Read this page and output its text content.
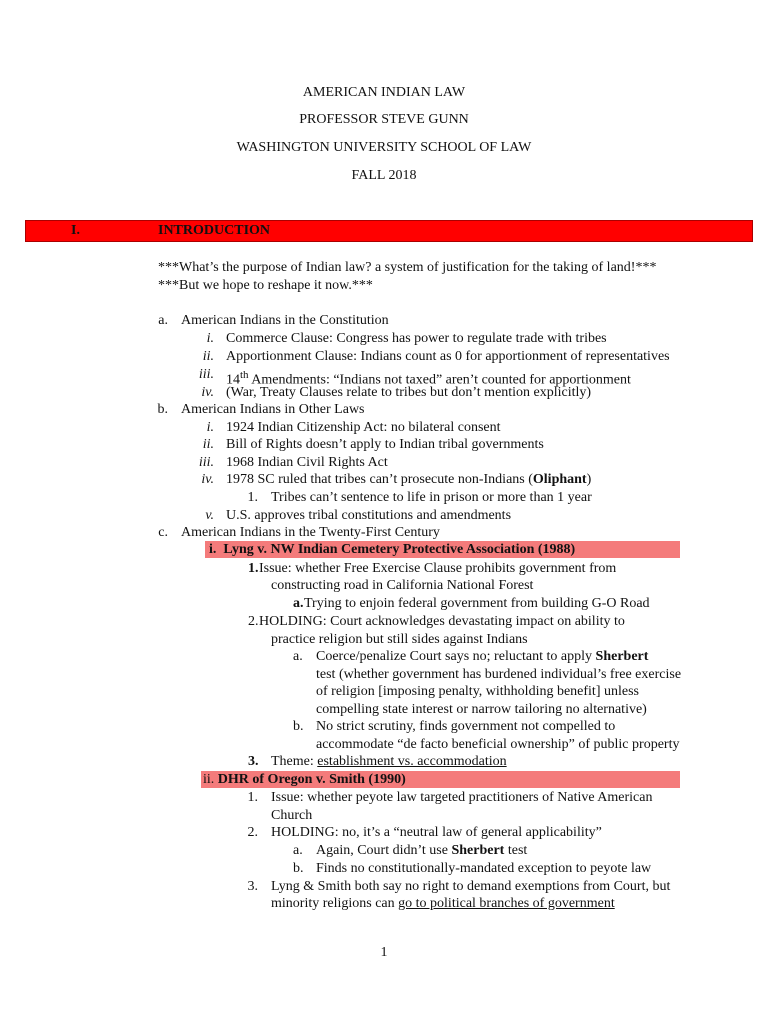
AMERICAN INDIAN LAW
PROFESSOR STEVE GUNN
WASHINGTON UNIVERSITY SCHOOL OF LAW
FALL 2018
I.	INTRODUCTION
***What’s the purpose of Indian law? a system of justification for the taking of land!***
***But we hope to reshape it now.***
a. American Indians in the Constitution
i. Commerce Clause: Congress has power to regulate trade with tribes
ii. Apportionment Clause: Indians count as 0 for apportionment of representatives
iii. 14th Amendments: “Indians not taxed” aren’t counted for apportionment
iv. (War, Treaty Clauses relate to tribes but don’t mention explicitly)
b. American Indians in Other Laws
i. 1924 Indian Citizenship Act: no bilateral consent
ii. Bill of Rights doesn’t apply to Indian tribal governments
iii. 1968 Indian Civil Rights Act
iv. 1978 SC ruled that tribes can’t prosecute non-Indians (Oliphant)
1. Tribes can’t sentence to life in prison or more than 1 year
v. U.S. approves tribal constitutions and amendments
c. American Indians in the Twenty-First Century
i. Lyng v. NW Indian Cemetery Protective Association (1988)
1. Issue: whether Free Exercise Clause prohibits government from
constructing road in California National Forest
a. Trying to enjoin federal government from building G-O Road
2. HOLDING: Court acknowledges devastating impact on ability to
practice religion but still sides against Indians
a. Coerce/penalize Court says no; reluctant to apply Sherbert
test (whether government has burdened individual’s free exercise
of religion [imposing penalty, withholding benefit] unless
compelling state interest or narrow tailoring no alternative)
b. No strict scrutiny, finds government not compelled to
accommodate “de facto beneficial ownership” of public property
3. Theme: establishment vs. accommodation
ii. DHR of Oregon v. Smith (1990)
1. Issue: whether peyote law targeted practitioners of Native American
Church
2. HOLDING: no, it’s a “neutral law of general applicability”
a. Again, Court didn’t use Sherbert test
b. Finds no constitutionally-mandated exception to peyote law
3. Lyng & Smith both say no right to demand exemptions from Court, but
minority religions can go to political branches of government
1
